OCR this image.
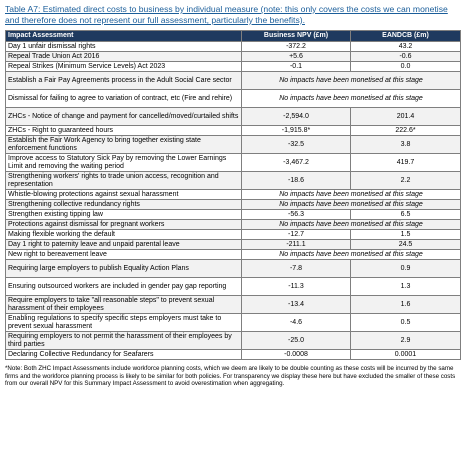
Table A7: Estimated direct costs to business by individual measure (note: this only covers the costs we can monetise and therefore does not represent our full assessment, particularly the benefits).

Impact Assessment	Business NPV (£m)	EANDCB (£m)
Day 1 unfair dismissal rights	-372.2	43.2
Repeal Trade Union Act 2016	+5.6	-0.6
Repeal Strikes (Minimum Service Levels) Act 2023	-0.1	0.0
Establish a Fair Pay Agreements process in the Adult Social Care sector	No impacts have been monetised at this stage	
Dismissal for failing to agree to variation of contract, etc (Fire and rehire)	No impacts have been monetised at this stage	
ZHCs - Notice of change and payment for cancelled/moved/curtailed shifts	-2,594.0	201.4
ZHCs - Right to guaranteed hours	-1,915.8*	222.6*
Establish the Fair Work Agency to bring together existing state enforcement functions	-32.5	3.8
Improve access to Statutory Sick Pay by removing the Lower Earnings Limit and removing the waiting period	-3,467.2	419.7
Strengthening workers' rights to trade union access, recognition and representation	-18.6	2.2
Whistle-blowing protections against sexual harassment	No impacts have been monetised at this stage	
Strengthening collective redundancy rights	No impacts have been monetised at this stage	
Strengthen existing tipping law	-56.3	6.5
Protections against dismissal for pregnant workers	No impacts have been monetised at this stage	
Making flexible working the default	-12.7	1.5
Day 1 right to paternity leave and unpaid parental leave	-211.1	24.5
New right to bereavement leave	No impacts have been monetised at this stage	
Requiring large employers to publish Equality Action Plans	-7.8	0.9
Ensuring outsourced workers are included in gender pay gap reporting	-11.3	1.3
Require employers to take "all reasonable steps" to prevent sexual harassment of their employees	-13.4	1.6
Enabling regulations to specify specific steps employers must take to prevent sexual harassment	-4.6	0.5
Requiring employers to not permit the harassment of their employees by third parties	-25.0	2.9
Declaring Collective Redundancy for Seafarers	-0.0008	0.0001
*Note: Both ZHC Impact Assessments include workforce planning costs, which we deem are likely to be double counting as these costs will be incurred by the same firms and the workforce planning process is likely to be similar for both policies. For transparency we display these here but have excluded the smaller of these costs from our overall NPV for this Summary Impact Assessment to avoid overestimation when aggregating.
